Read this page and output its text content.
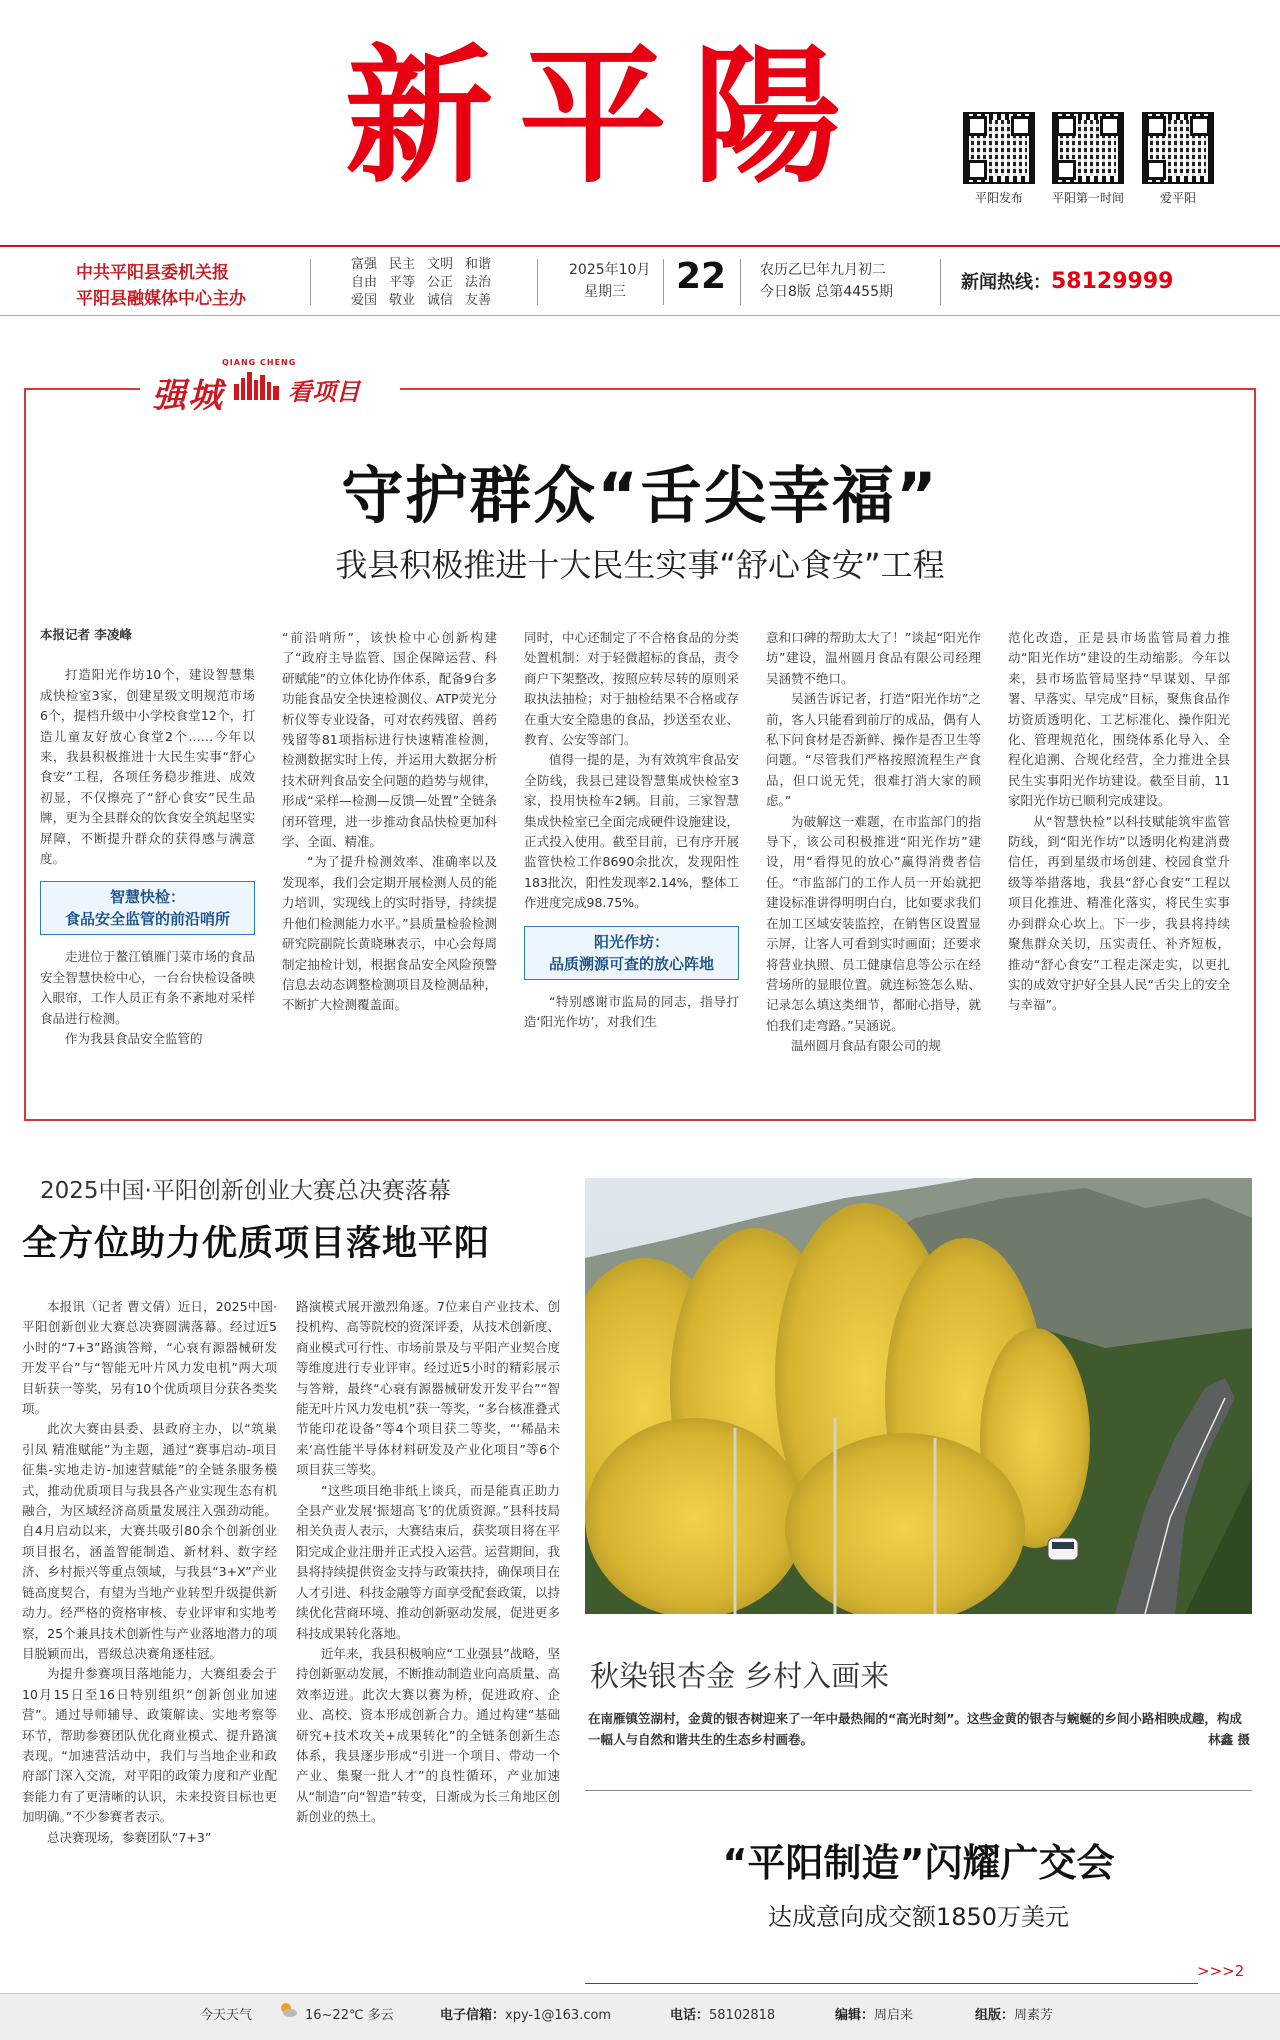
新平陽	平阳发布	平阳第一时间	爱平阳
中共平阳县委机关报
平阳县融媒体中心主办
富强 民主 文明 和谐自由 平等 公正 法治爱国 敬业 诚信 友善
2025年10月
星期三 22 农历乙巳年九月初二
今日8版 总第4455期	新闻热线：58129999
QIANG CHENG
强城	看项目
守护群众“舌尖幸福”
我县积极推进十大民生实事“舒心食安”工程

本报记者 李凌峰

打造阳光作坊10个，建设智慧集成快检室3家，创建星级文明规范市场6个，提档升级中小学校食堂12个，打造儿童友好放心食堂2个……今年以来，我县积极推进十大民生实事“舒心食安”工程，各项任务稳步推进、成效初显，不仅擦亮了“舒心食安”民生品牌，更为全县群众的饮食安全筑起坚实屏障，不断提升群众的获得感与满意度。

智慧快检：
食品安全监管的前沿哨所

走进位于鳌江镇雁门菜市场的食品安全智慧快检中心，一台台快检设备映入眼帘，工作人员正有条不紊地对采样食品进行检测。

作为我县食品安全监管的

“前沿哨所”，该快检中心创新构建了“政府主导监管、国企保障运营、科研赋能”的立体化协作体系，配备9台多功能食品安全快速检测仪、ATP荧光分析仪等专业设备，可对农药残留、兽药残留等81项指标进行快速精准检测，检测数据实时上传，并运用大数据分析技术研判食品安全问题的趋势与规律，形成“采样—检测—反馈—处置”全链条闭环管理，进一步推动食品快检更加科学、全面、精准。

“为了提升检测效率、准确率以及发现率，我们会定期开展检测人员的能力培训，实现线上的实时指导，持续提升他们检测能力水平。”县质量检验检测研究院副院长黄晓琳表示，中心会每周制定抽检计划，根据食品安全风险预警信息去动态调整检测项目及检测品种，不断扩大检测覆盖面。

同时，中心还制定了不合格食品的分类处置机制：对于轻微超标的食品，责令商户下架整改，按照应转尽转的原则采取执法抽检；对于抽检结果不合格或存在重大安全隐患的食品，抄送至农业、教育、公安等部门。

值得一提的是，为有效筑牢食品安全防线，我县已建设智慧集成快检室3家，投用快检车2辆。目前，三家智慧集成快检室已全面完成硬件设施建设，正式投入使用。截至目前，已有序开展监管快检工作8690余批次，发现阳性183批次，阳性发现率2.14%，整体工作进度完成98.75%。

阳光作坊：
品质溯源可查的放心阵地

“特别感谢市监局的同志，指导打造‘阳光作坊’，对我们生

意和口碑的帮助太大了！”谈起“阳光作坊”建设，温州圆月食品有限公司经理吴涵赞不绝口。

吴涵告诉记者，打造“阳光作坊”之前，客人只能看到前厅的成品，偶有人私下问食材是否新鲜、操作是否卫生等问题。“尽管我们严格按照流程生产食品，但口说无凭，很难打消大家的顾虑。”

为破解这一难题，在市监部门的指导下，该公司积极推进“阳光作坊”建设，用“看得见的放心”赢得消费者信任。“市监部门的工作人员一开始就把建设标准讲得明明白白，比如要求我们在加工区域安装监控，在销售区设置显示屏，让客人可看到实时画面；还要求将营业执照、员工健康信息等公示在经营场所的显眼位置。就连标签怎么贴、记录怎么填这类细节，都耐心指导，就怕我们走弯路。”吴涵说。

温州圆月食品有限公司的规

范化改造，正是县市场监管局着力推动“阳光作坊”建设的生动缩影。今年以来，县市场监管局坚持“早谋划、早部署、早落实、早完成”目标，聚焦食品作坊资质透明化、工艺标准化、操作阳光化、管理规范化，围绕体系化导入、全程化追溯、合规化经营，全力推进全县民生实事阳光作坊建设。截至目前，11家阳光作坊已顺利完成建设。

从“智慧快检”以科技赋能筑牢监管防线，到“阳光作坊”以透明化构建消费信任，再到星级市场创建、校园食堂升级等举措落地，我县“舒心食安”工程以项目化推进、精准化落实，将民生实事办到群众心坎上。下一步，我县将持续聚焦群众关切，压实责任、补齐短板，推动“舒心食安”工程走深走实，以更扎实的成效守护好全县人民“舌尖上的安全与幸福”。

2025中国·平阳创新创业大赛总决赛落幕
全方位助力优质项目落地平阳

本报讯（记者 曹文倩）近日，2025中国·平阳创新创业大赛总决赛圆满落幕。经过近5小时的“7+3”路演答辩，“心衰有源器械研发开发平台”与“智能无叶片风力发电机”两大项目斩获一等奖，另有10个优质项目分获各类奖项。

此次大赛由县委、县政府主办，以“筑巢引凤 精准赋能”为主题，通过“赛事启动-项目征集-实地走访-加速营赋能”的全链条服务模式，推动优质项目与我县各产业实现生态有机融合，为区域经济高质量发展注入强劲动能。自4月启动以来，大赛共吸引80余个创新创业项目报名，涵盖智能制造、新材料、数字经济、乡村振兴等重点领域，与我县“3+X”产业链高度契合，有望为当地产业转型升级提供新动力。经严格的资格审核、专业评审和实地考察，25个兼具技术创新性与产业落地潜力的项目脱颖而出，晋级总决赛角逐桂冠。

为提升参赛项目落地能力，大赛组委会于10月15日至16日特别组织“创新创业加速营”。通过导师辅导、政策解读、实地考察等环节，帮助参赛团队优化商业模式、提升路演表现。“加速营活动中，我们与当地企业和政府部门深入交流，对平阳的政策力度和产业配套能力有了更清晰的认识，未来投资目标也更加明确。”不少参赛者表示。

总决赛现场，参赛团队“7+3”

路演模式展开激烈角逐。7位来自产业技术、创投机构、高等院校的资深评委，从技术创新度、商业模式可行性、市场前景及与平阳产业契合度等维度进行专业评审。经过近5小时的精彩展示与答辩，最终“心衰有源器械研发开发平台”“智能无叶片风力发电机”获一等奖，“多台核准叠式节能印花设备”等4个项目获二等奖，“‘稀晶未来’高性能半导体材料研发及产业化项目”等6个项目获三等奖。

“这些项目绝非纸上谈兵，而是能真正助力全县产业发展‘振翅高飞’的优质资源。”县科技局相关负责人表示，大赛结束后，获奖项目将在平阳完成企业注册并正式投入运营。运营期间，我县将持续提供资金支持与政策扶持，确保项目在人才引进、科技金融等方面享受配套政策，以持续优化营商环境、推动创新驱动发展，促进更多科技成果转化落地。

近年来，我县积极响应“工业强县”战略，坚持创新驱动发展，不断推动制造业向高质量、高效率迈进。此次大赛以赛为桥，促进政府、企业、高校、资本形成创新合力。通过构建“基础研究+技术攻关+成果转化”的全链条创新生态体系，我县逐步形成“引进一个项目、带动一个产业、集聚一批人才”的良性循环，产业加速从“制造”向“智造”转变，日渐成为长三角地区创新创业的热土。

秋染银杏金 乡村入画来
在南雁镇笠湖村，金黄的银杏树迎来了一年中最热闹的“高光时刻”。这些金黄的银杏与蜿蜒的乡间小路相映成趣，构成一幅人与自然和谐共生的生态乡村画卷。	林鑫 摄
“平阳制造”闪耀广交会
达成意向成交额1850万美元
>>>2
今天天气	16~22℃ 多云	电子信箱：xpy-1@163.com	电话：58102818	编辑：周启来	组版：周素芳
